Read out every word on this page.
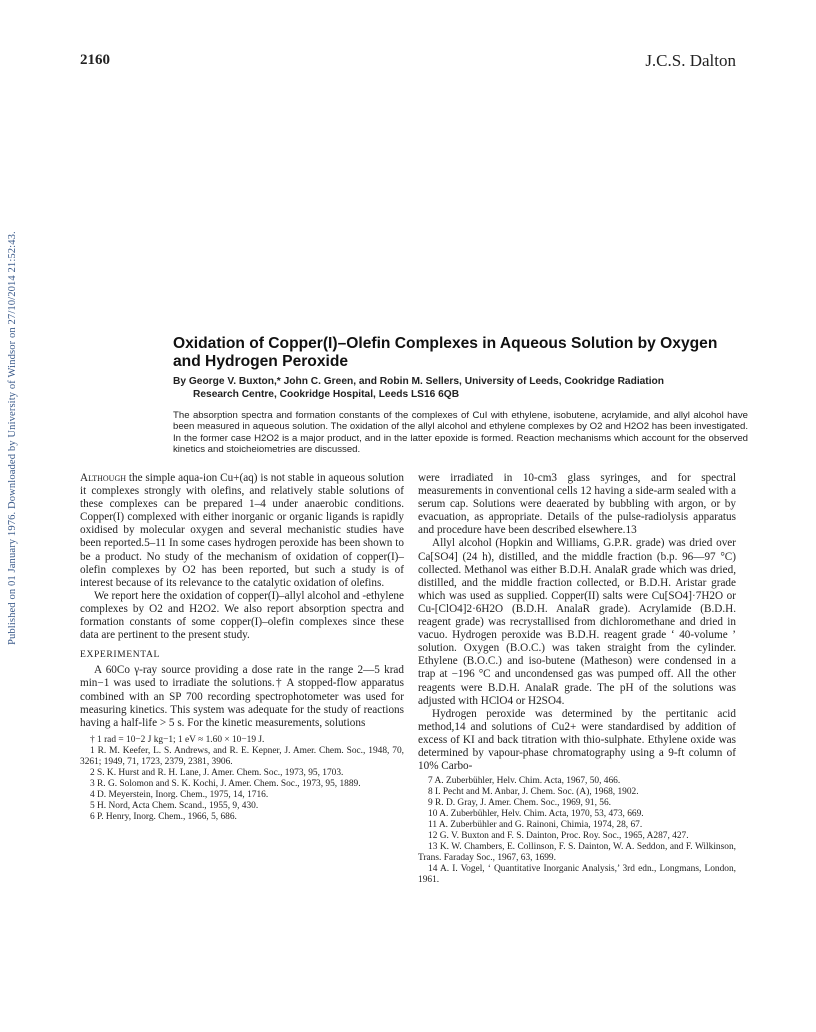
2160	J.C.S. Dalton
Published on 01 January 1976. Downloaded by University of Windsor on 27/10/2014 21:52:43.	Oxidation of Copper(I)–Olefin Complexes in Aqueous Solution by Oxygen and Hydrogen Peroxide
By George V. Buxton,* John C. Green, and Robin M. Sellers, University of Leeds, Cookridge Radiation
Research Centre, Cookridge Hospital, Leeds LS16 6QB
The absorption spectra and formation constants of the complexes of CuI with ethylene, isobutene, acrylamide, and allyl alcohol have been measured in aqueous solution. The oxidation of the allyl alcohol and ethylene complexes by O2 and H2O2 has been investigated. In the former case H2O2 is a major product, and in the latter epoxide is formed. Reaction mechanisms which account for the observed kinetics and stoicheiometries are discussed.

Although the simple aqua-ion Cu+(aq) is not stable in aqueous solution it complexes strongly with olefins, and relatively stable solutions of these complexes can be prepared 1–4 under anaerobic conditions. Copper(I) complexed with either inorganic or organic ligands is rapidly oxidised by molecular oxygen and several mechanistic studies have been reported.5–11 In some cases hydrogen peroxide has been shown to be a product. No study of the mechanism of oxidation of copper(I)–olefin complexes by O2 has been reported, but such a study is of interest because of its relevance to the catalytic oxidation of olefins.

We report here the oxidation of copper(I)–allyl alcohol and -ethylene complexes by O2 and H2O2. We also report absorption spectra and formation constants of some copper(I)–olefin complexes since these data are pertinent to the present study.

EXPERIMENTAL

A 60Co γ-ray source providing a dose rate in the range 2—5 krad min−1 was used to irradiate the solutions.† A stopped-flow apparatus combined with an SP 700 recording spectrophotometer was used for measuring kinetics. This system was adequate for the study of reactions having a half-life > 5 s. For the kinetic measurements, solutions

† 1 rad = 10−2 J kg−1; 1 eV ≈ 1.60 × 10−19 J.
1 R. M. Keefer, L. S. Andrews, and R. E. Kepner, J. Amer. Chem. Soc., 1948, 70, 3261; 1949, 71, 1723, 2379, 2381, 3906.
2 S. K. Hurst and R. H. Lane, J. Amer. Chem. Soc., 1973, 95, 1703.
3 R. G. Solomon and S. K. Kochi, J. Amer. Chem. Soc., 1973, 95, 1889.
4 D. Meyerstein, Inorg. Chem., 1975, 14, 1716.
5 H. Nord, Acta Chem. Scand., 1955, 9, 430.
6 P. Henry, Inorg. Chem., 1966, 5, 686.

were irradiated in 10-cm3 glass syringes, and for spectral measurements in conventional cells 12 having a side-arm sealed with a serum cap. Solutions were deaerated by bubbling with argon, or by evacuation, as appropriate. Details of the pulse-radiolysis apparatus and procedure have been described elsewhere.13

Allyl alcohol (Hopkin and Williams, G.P.R. grade) was dried over Ca[SO4] (24 h), distilled, and the middle fraction (b.p. 96—97 °C) collected. Methanol was either B.D.H. AnalaR grade which was dried, distilled, and the middle fraction collected, or B.D.H. Aristar grade which was used as supplied. Copper(II) salts were Cu[SO4]·7H2O or Cu-[ClO4]2·6H2O (B.D.H. AnalaR grade). Acrylamide (B.D.H. reagent grade) was recrystallised from dichloromethane and dried in vacuo. Hydrogen peroxide was B.D.H. reagent grade ‘ 40-volume ’ solution. Oxygen (B.O.C.) was taken straight from the cylinder. Ethylene (B.O.C.) and iso-butene (Matheson) were condensed in a trap at −196 °C and uncondensed gas was pumped off. All the other reagents were B.D.H. AnalaR grade. The pH of the solutions was adjusted with HClO4 or H2SO4.

Hydrogen peroxide was determined by the pertitanic acid method,14 and solutions of Cu2+ were standardised by addition of excess of KI and back titration with thio-sulphate. Ethylene oxide was determined by vapour-phase chromatography using a 9-ft column of 10% Carbo-

7 A. Zuberbühler, Helv. Chim. Acta, 1967, 50, 466.
8 I. Pecht and M. Anbar, J. Chem. Soc. (A), 1968, 1902.
9 R. D. Gray, J. Amer. Chem. Soc., 1969, 91, 56.
10 A. Zuberbühler, Helv. Chim. Acta, 1970, 53, 473, 669.
11 A. Zuberbühler and G. Rainoni, Chimia, 1974, 28, 67.
12 G. V. Buxton and F. S. Dainton, Proc. Roy. Soc., 1965, A287, 427.
13 K. W. Chambers, E. Collinson, F. S. Dainton, W. A. Seddon, and F. Wilkinson, Trans. Faraday Soc., 1967, 63, 1699.
14 A. I. Vogel, ‘ Quantitative Inorganic Analysis,’ 3rd edn., Longmans, London, 1961.
